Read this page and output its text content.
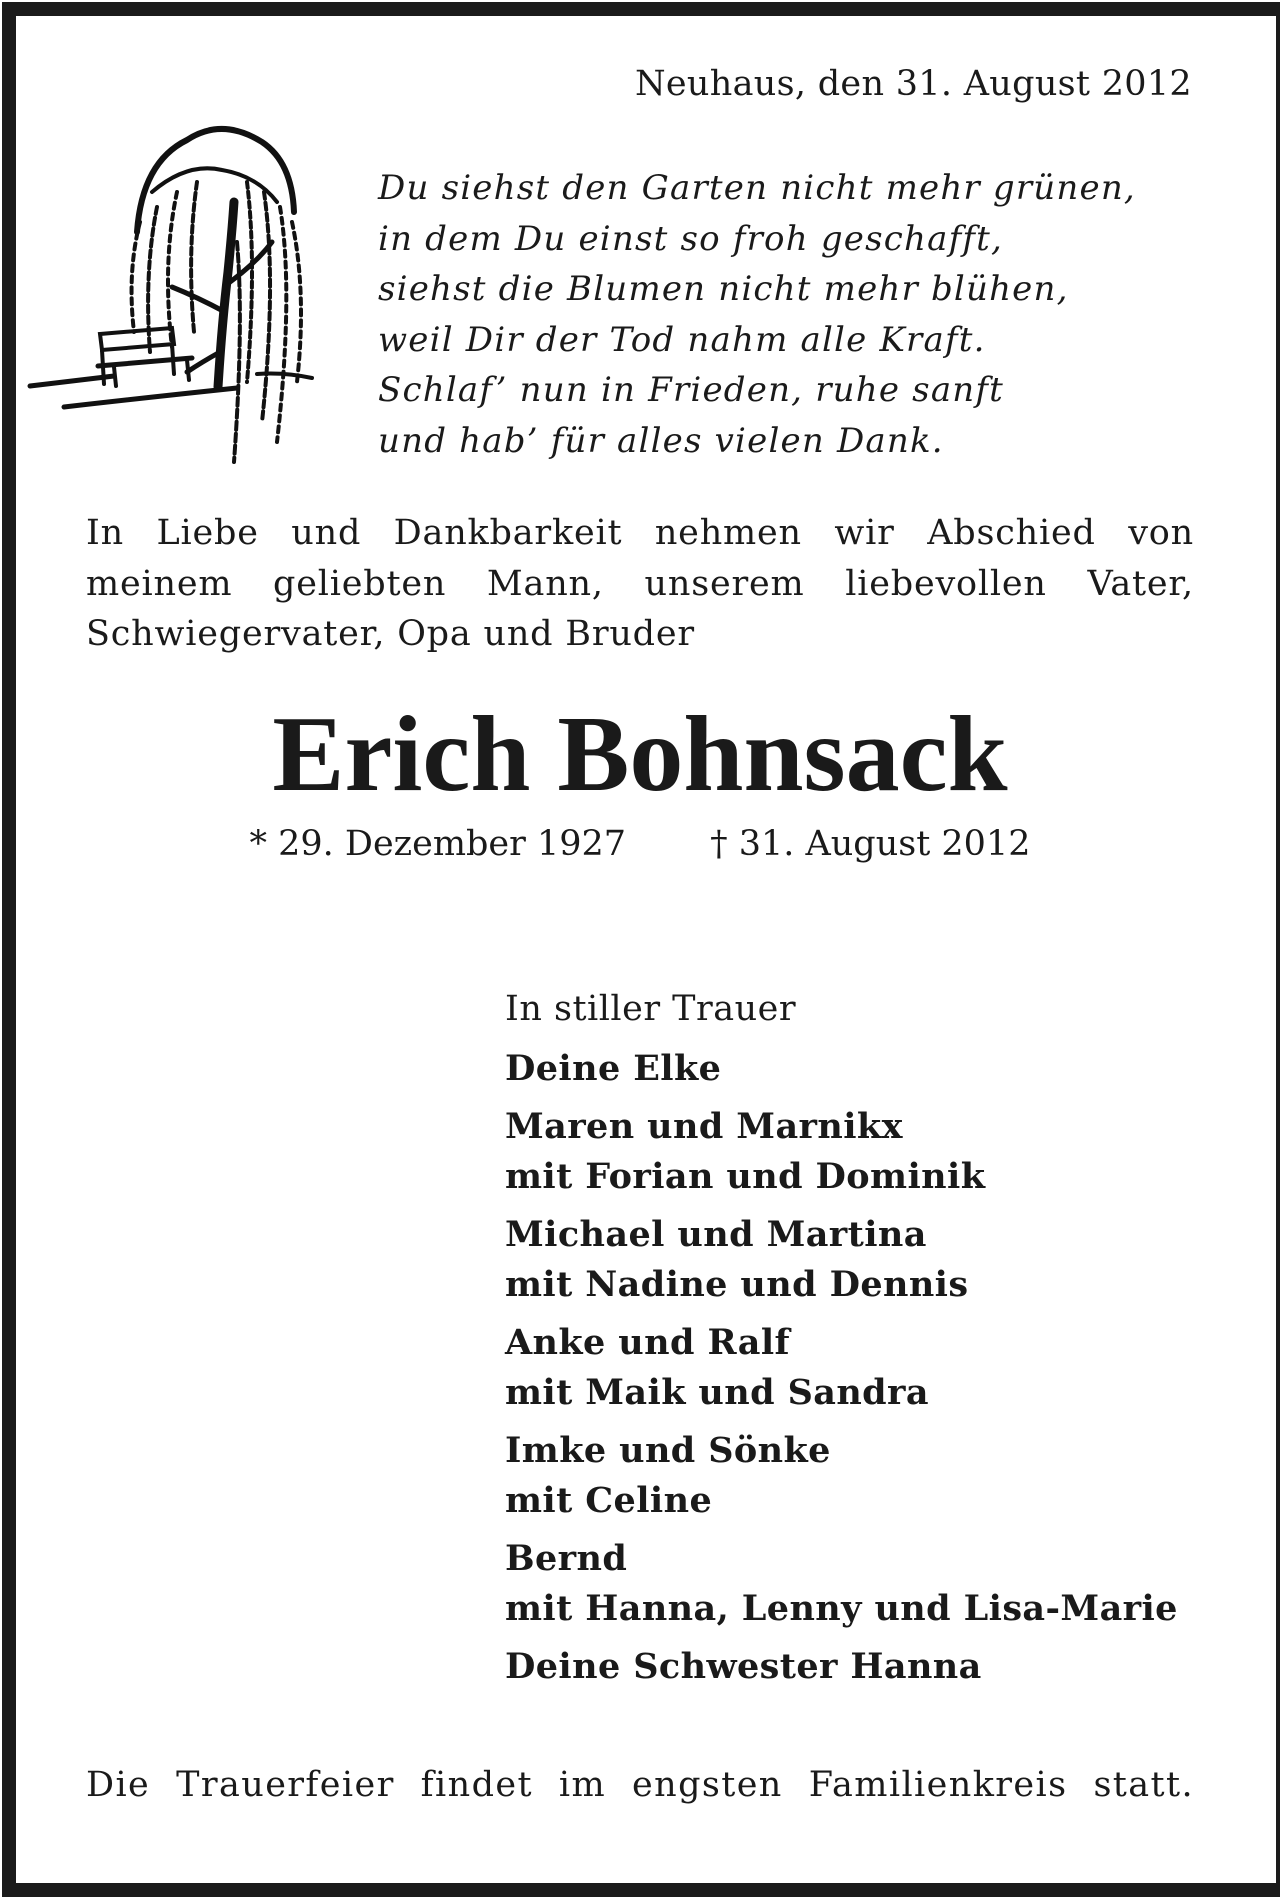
Neuhaus, den 31. August 2012
Du siehst den Garten nicht mehr grünen,
in dem Du einst so froh geschafft,
siehst die Blumen nicht mehr blühen,
weil Dir der Tod nahm alle Kraft.
Schlaf’ nun in Frieden, ruhe sanft
und hab’ für alles vielen Dank.
In Liebe und Dankbarkeit nehmen wir Abschied von
meinem geliebten Mann, unserem liebevollen Vater,
Schwiegervater, Opa und Bruder
Erich Bohnsack
* 29. Dezember 1927 † 31. August 2012
In stiller Trauer
Deine Elke
Maren und Marnikx
mit Forian und Dominik
Michael und Martina
mit Nadine und Dennis
Anke und Ralf
mit Maik und Sandra
Imke und Sönke
mit Celine
Bernd
mit Hanna, Lenny und Lisa-Marie
Deine Schwester Hanna
Die Trauerfeier findet im engsten Familienkreis statt.
